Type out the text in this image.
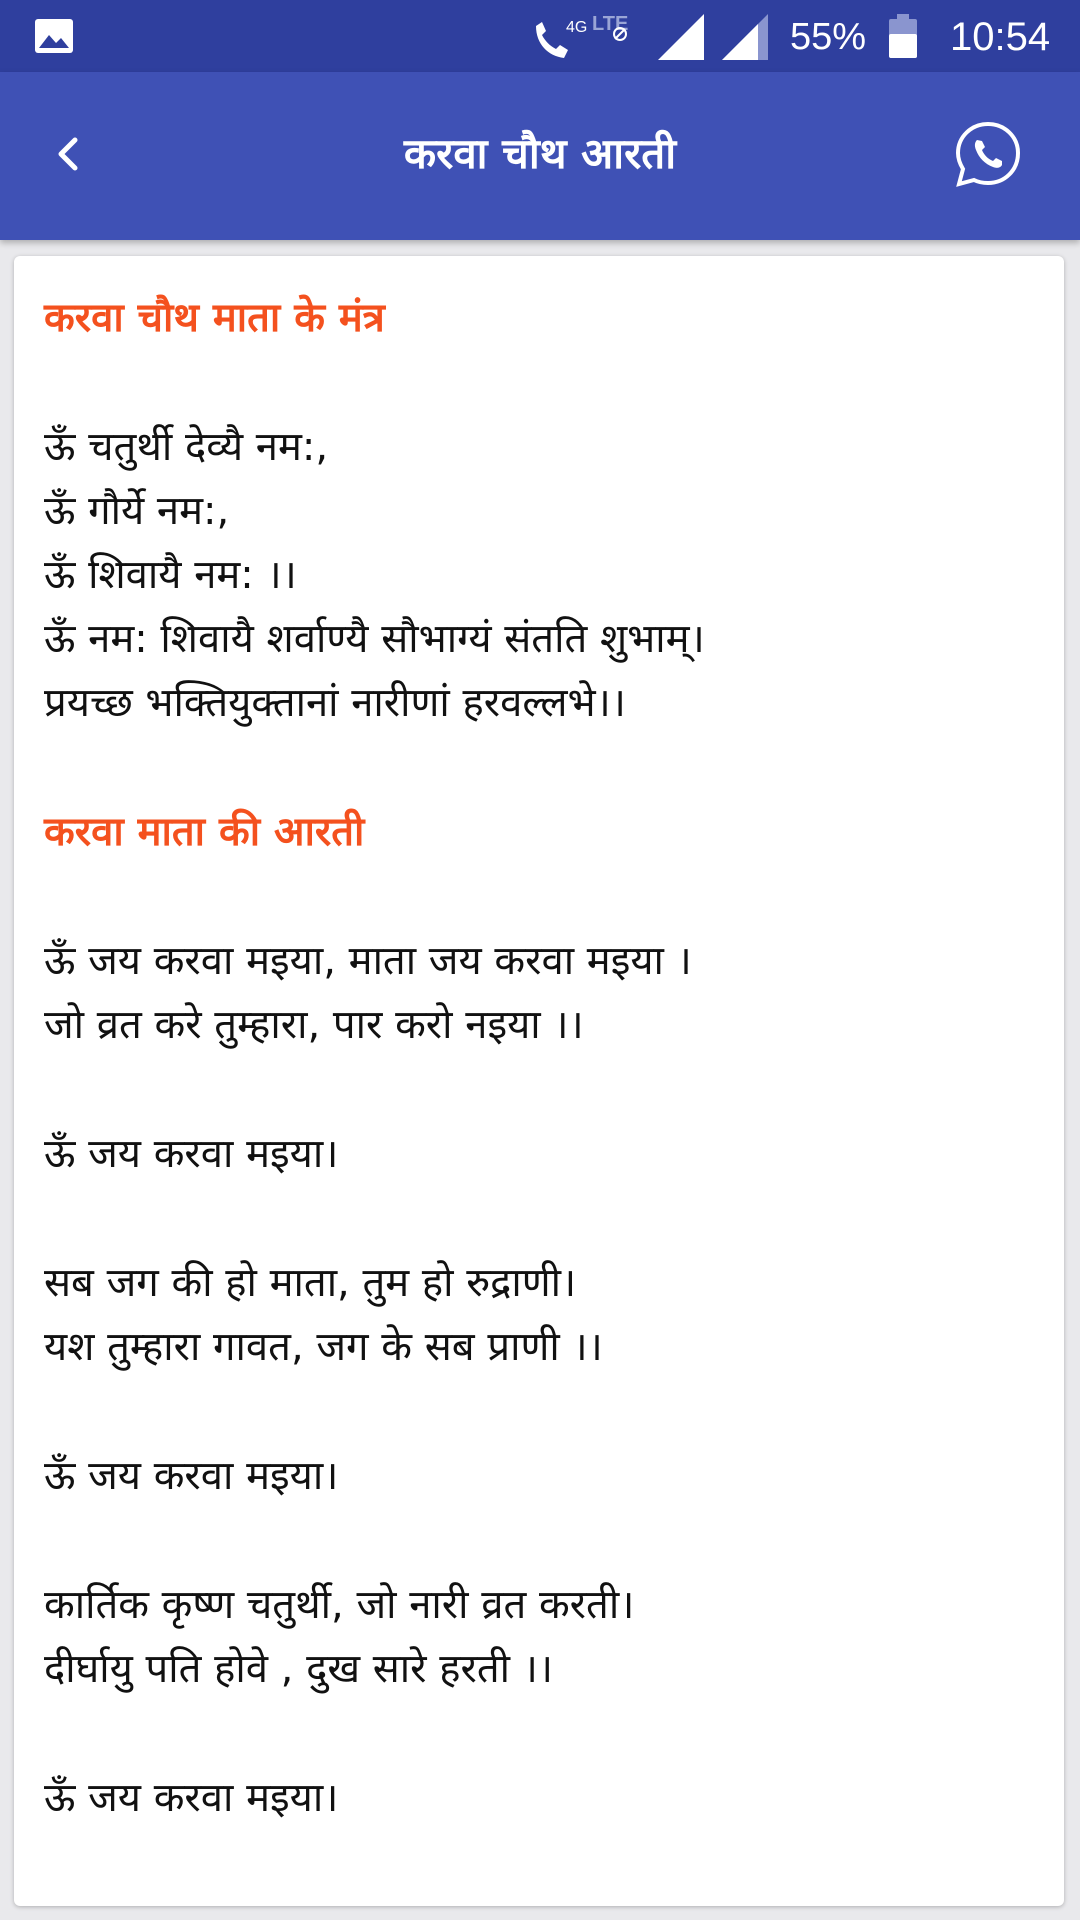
4G LTE	55% 10:54
करवा चौथ आरती

करवा चौथ माता के मंत्र

ऊँ चतुर्थी देव्यै नम:,

ऊँ गौर्ये नम:,

ऊँ शिवायै नम: ।।

ऊँ नम: शिवायै शर्वाण्यै सौभाग्यं संतति शुभाम्।

प्रयच्छ भक्तियुक्तानां नारीणां हरवल्लभे।।

करवा माता की आरती

ऊँ जय करवा मइया, माता जय करवा मइया ।

जो व्रत करे तुम्हारा, पार करो नइया ।।

ऊँ जय करवा मइया।

सब जग की हो माता, तुम हो रुद्राणी।

यश तुम्हारा गावत, जग के सब प्राणी ।।

ऊँ जय करवा मइया।

कार्तिक कृष्ण चतुर्थी, जो नारी व्रत करती।

दीर्घायु पति होवे , दुख सारे हरती ।।

ऊँ जय करवा मइया।
